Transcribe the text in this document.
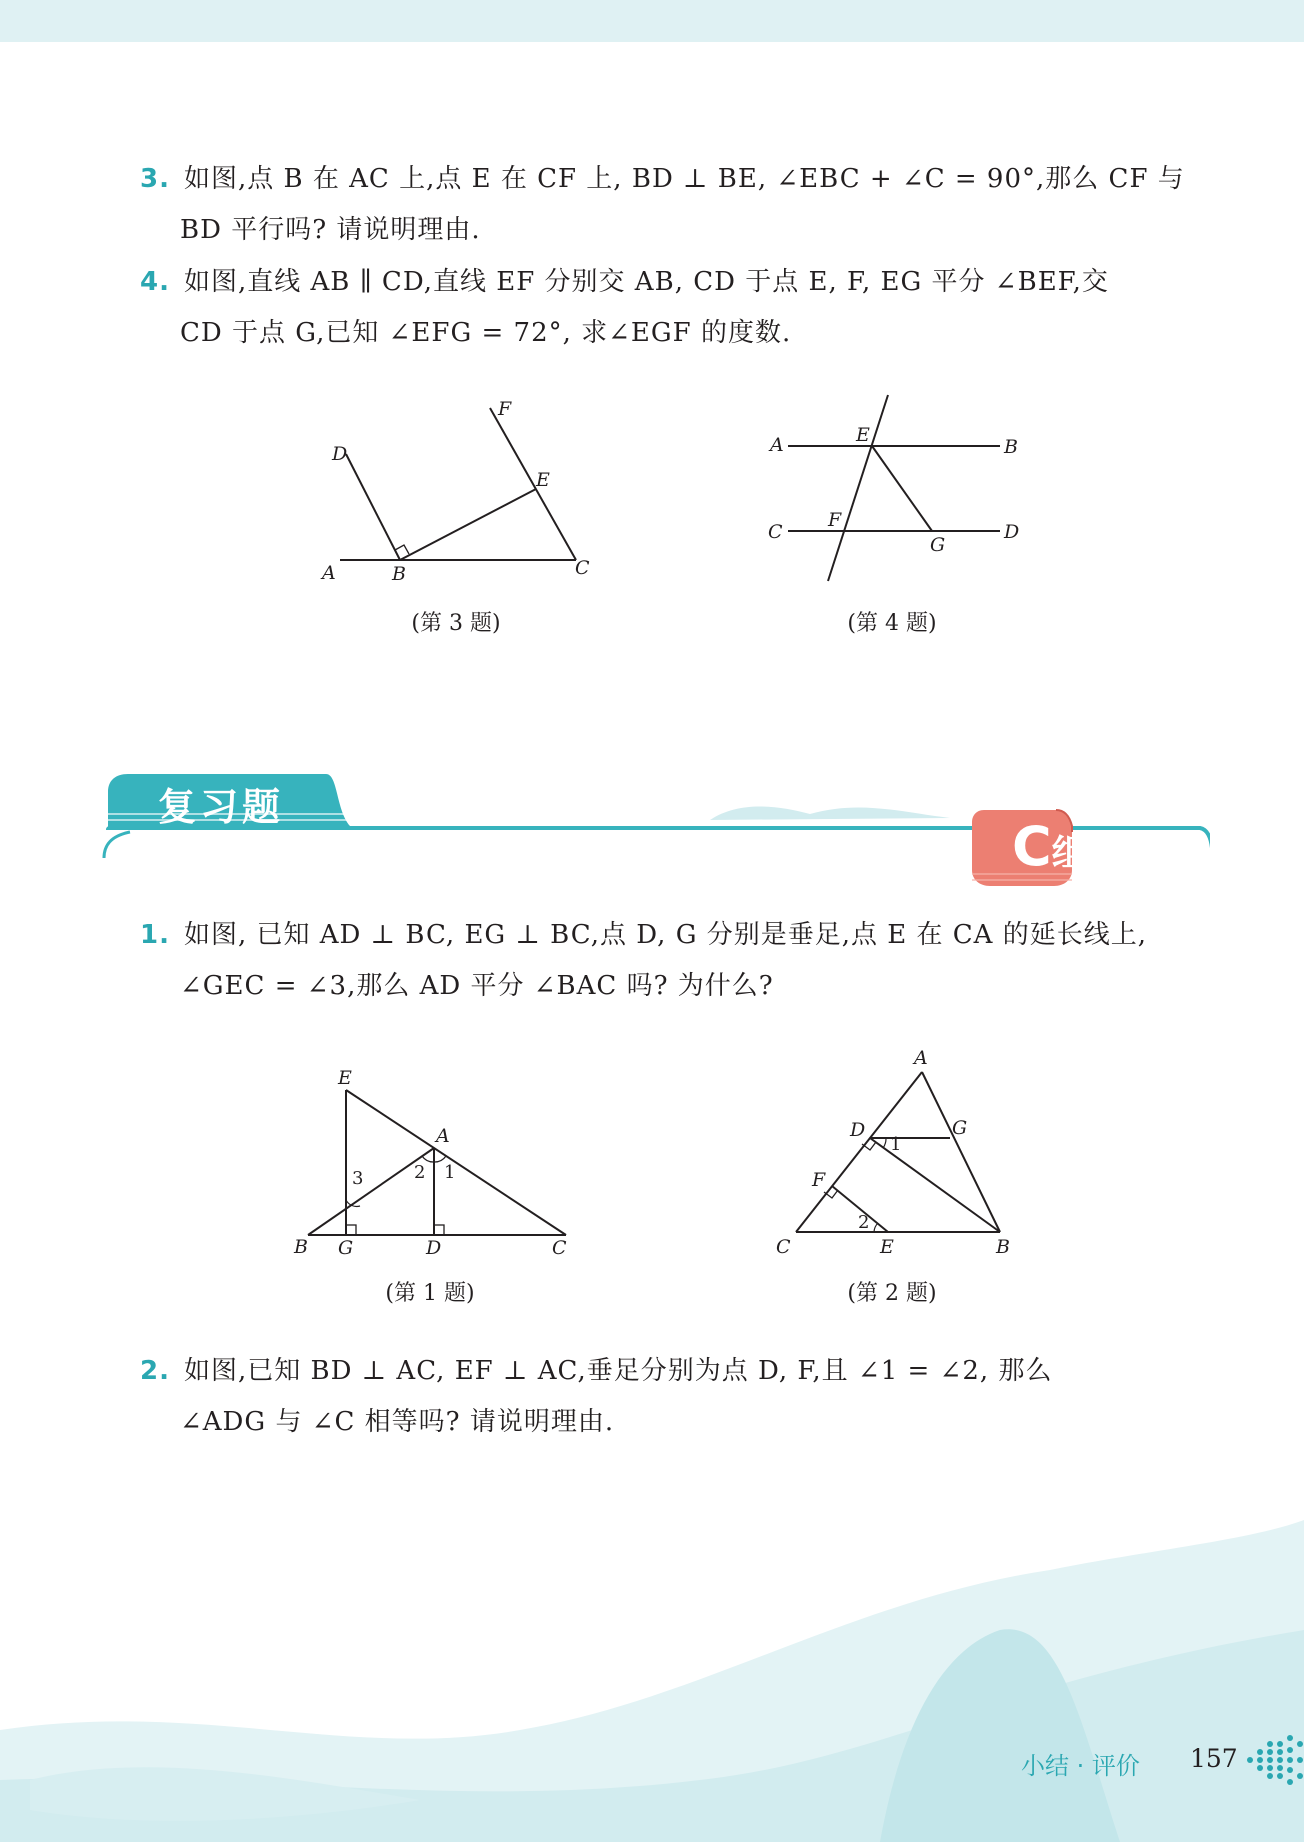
3. 如图,点 B 在 AC 上,点 E 在 CF 上, BD ⊥ BE, ∠EBC + ∠C = 90°,那么 CF 与
BD 平行吗? 请说明理由.
4. 如图,直线 AB ∥ CD,直线 EF 分别交 AB, CD 于点 E, F, EG 平分 ∠BEF,交
CD 于点 G,已知 ∠EFG = 72°, 求∠EGF 的度数.
A	B	C
D
E
F
(第 3 题)
A	B
C	D
E
F
G
(第 4 题)
复习题
C组
1. 如图, 已知 AD ⊥ BC, EG ⊥ BC,点 D, G 分别是垂足,点 E 在 CA 的延长线上,
∠GEC = ∠3,那么 AD 平分 ∠BAC 吗? 为什么?
E
A
B G	D	C
3	2 1
(第 1 题)
A
G
D
F
C	E	B
1
2
(第 2 题)
2. 如图,已知 BD ⊥ AC, EF ⊥ AC,垂足分别为点 D, F,且 ∠1 = ∠2, 那么
∠ADG 与 ∠C 相等吗? 请说明理由.
小结 · 评价 157
